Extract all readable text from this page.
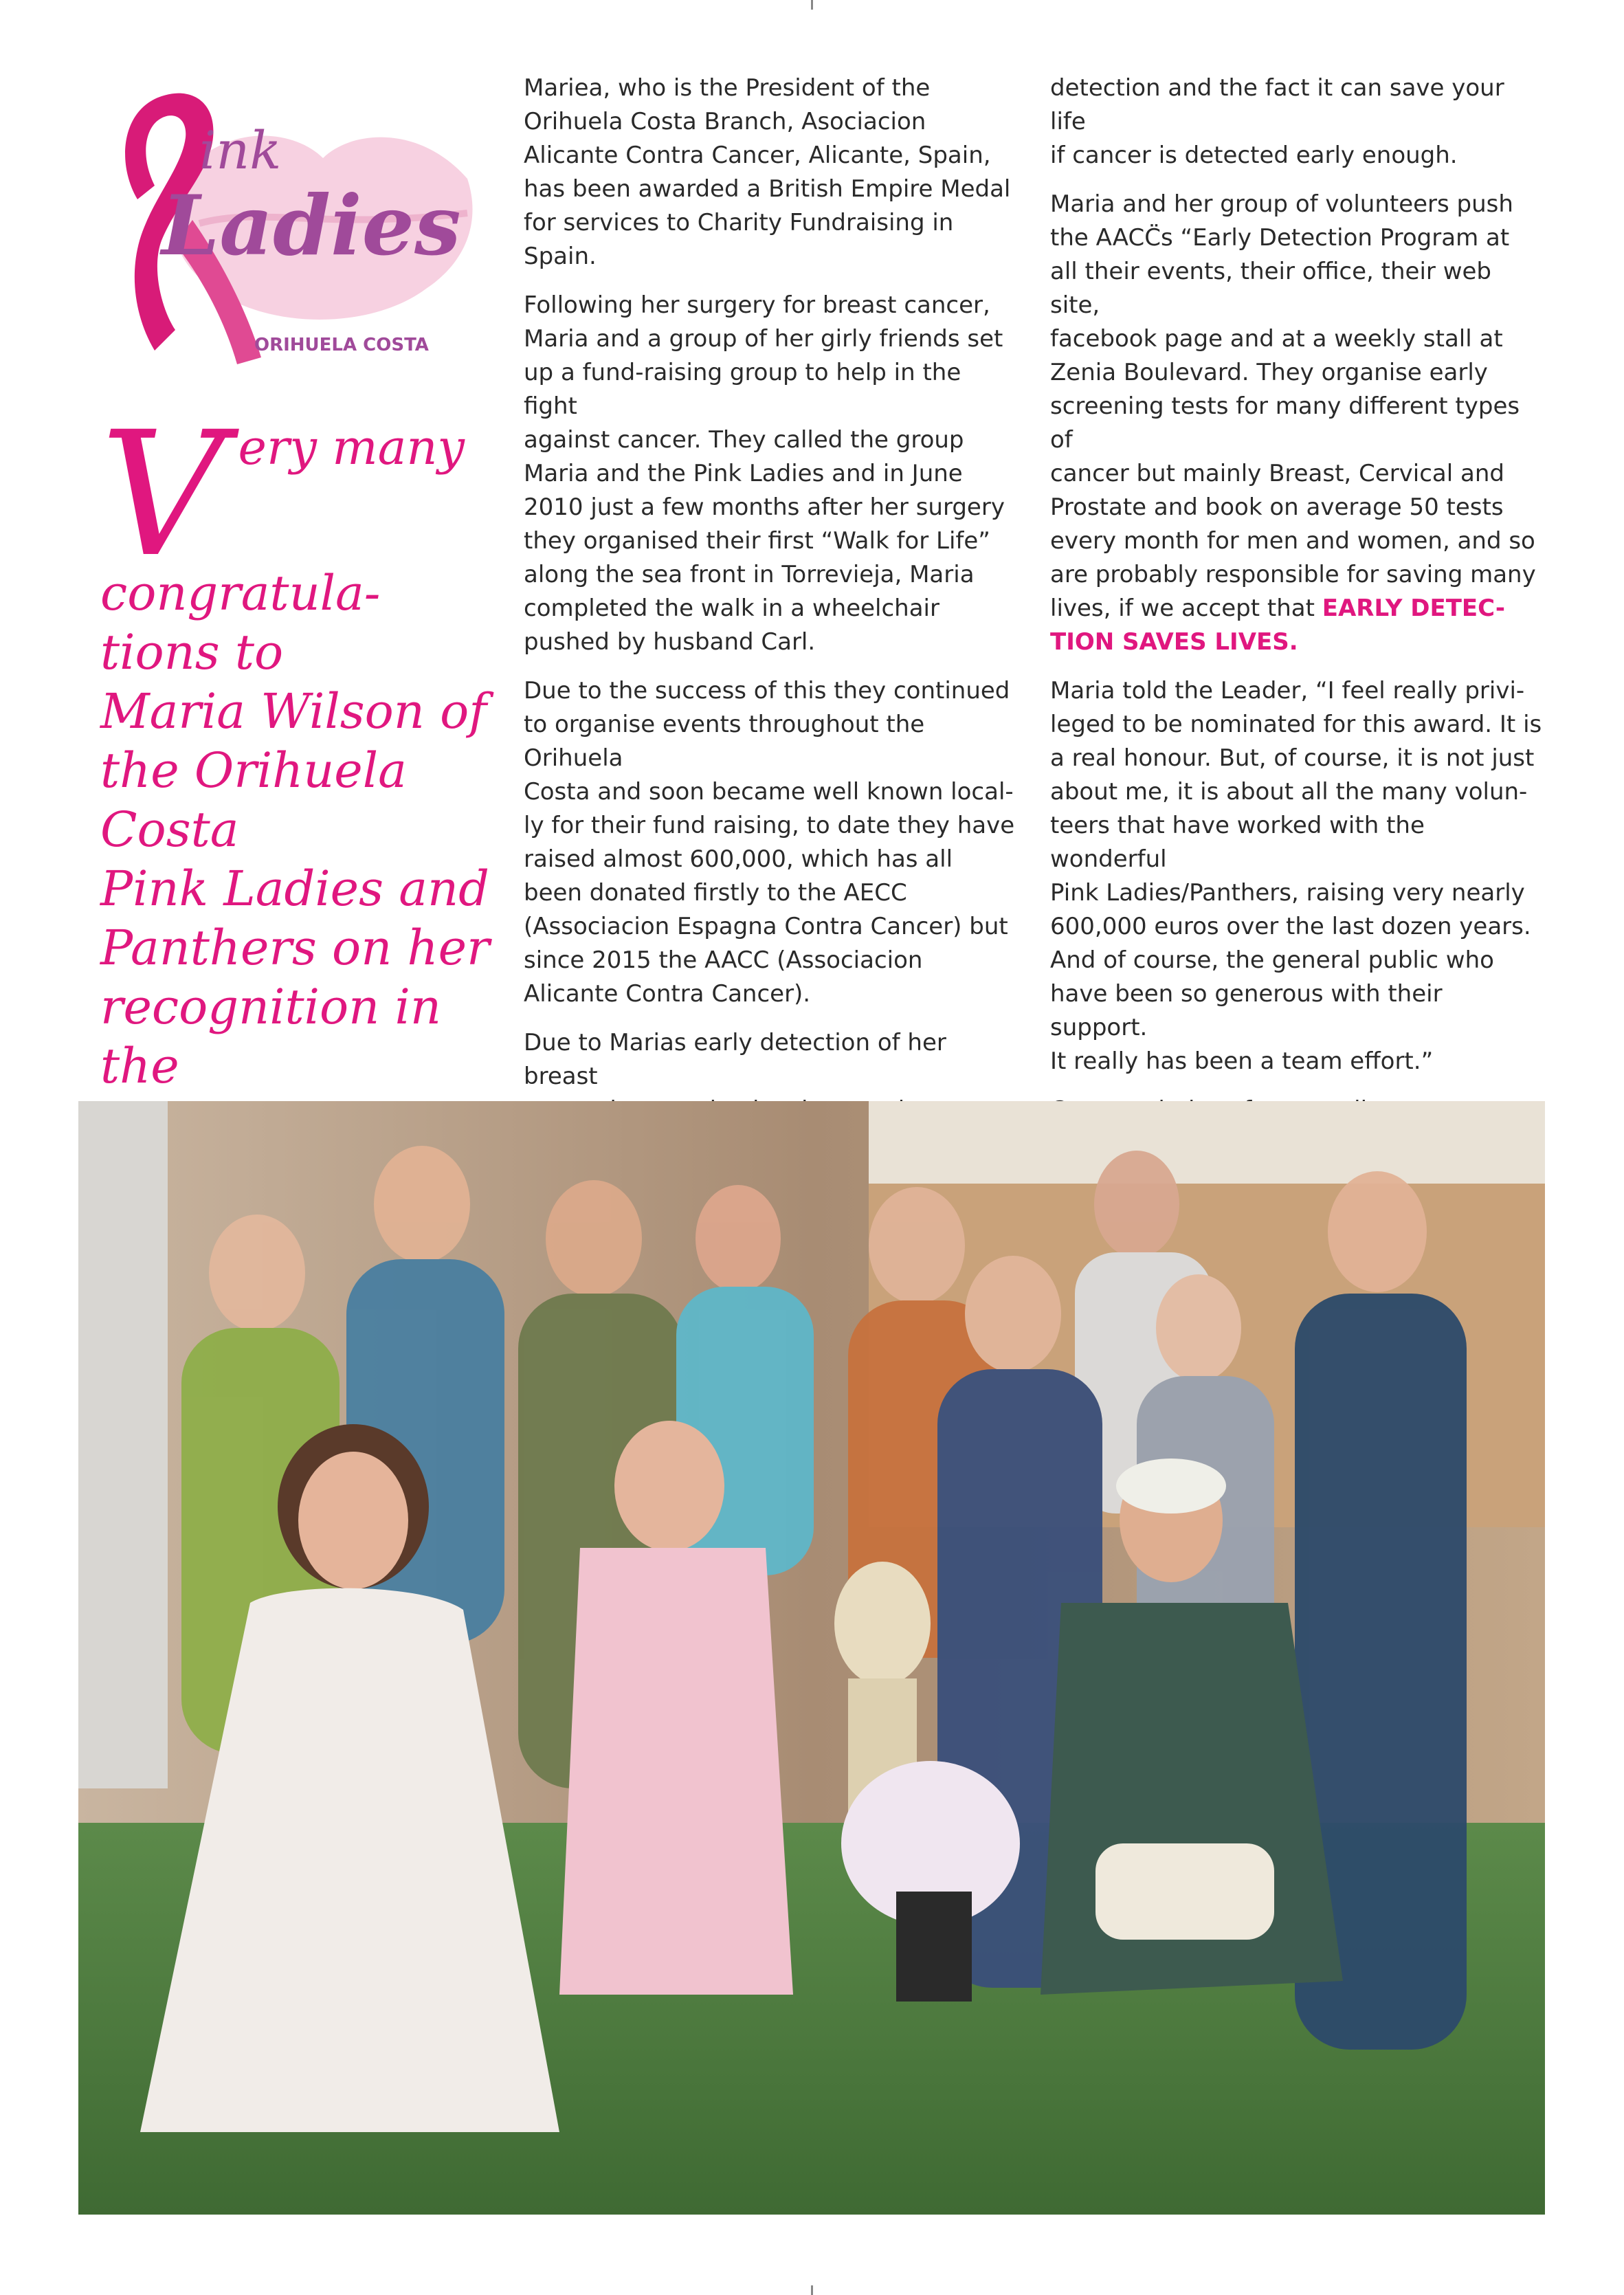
ink
Ladies
ORIHUELA COSTA
V ery many
congratula-
tions to
Maria Wilson of
the Orihuela Costa
Pink Ladies and
Panthers on her
recognition in the

Mariea, who is the President of the
Orihuela Costa Branch, Asociacion
Alicante Contra Cancer, Alicante, Spain,
has been awarded a British Empire Medal
for services to Charity Fundraising in Spain.

Following her surgery for breast cancer,
Maria and a group of her girly friends set
up a fund-raising group to help in the fight
against cancer. They called the group
Maria and the Pink Ladies and in June
2010 just a few months after her surgery
they organised their first “Walk for Life”
along the sea front in Torrevieja, Maria
completed the walk in a wheelchair
pushed by husband Carl.

Due to the success of this they continued
to organise events throughout the Orihuela
Costa and soon became well known local-
ly for their fund raising, to date they have
raised almost 600,000, which has all
been donated firstly to the AECC
(Associacion Espagna Contra Cancer) but
since 2015 the AACC (Associacion
Alicante Contra Cancer).

Due to Marias early detection of her breast

detection and the fact it can save your life
if cancer is detected early enough.

Maria and her group of volunteers push
the AACC̈s “Early Detection Program at
all their events, their office, their web site,
facebook page and at a weekly stall at
Zenia Boulevard. They organise early
screening tests for many different types of
cancer but mainly Breast, Cervical and
Prostate and book on average 50 tests
every month for men and women, and so
are probably responsible for saving many
lives, if we accept that EARLY DETEC-
TION SAVES LIVES.

Maria told the Leader, “I feel really privi-
leged to be nominated for this award. It is
a real honour. But, of course, it is not just
about me, it is about all the many volun-
teers that have worked with the wonderful
Pink Ladies/Panthers, raising very nearly
600,000 euros over the last dozen years.
And of course, the general public who
have been so generous with their support.
It really has been a team effort.”
